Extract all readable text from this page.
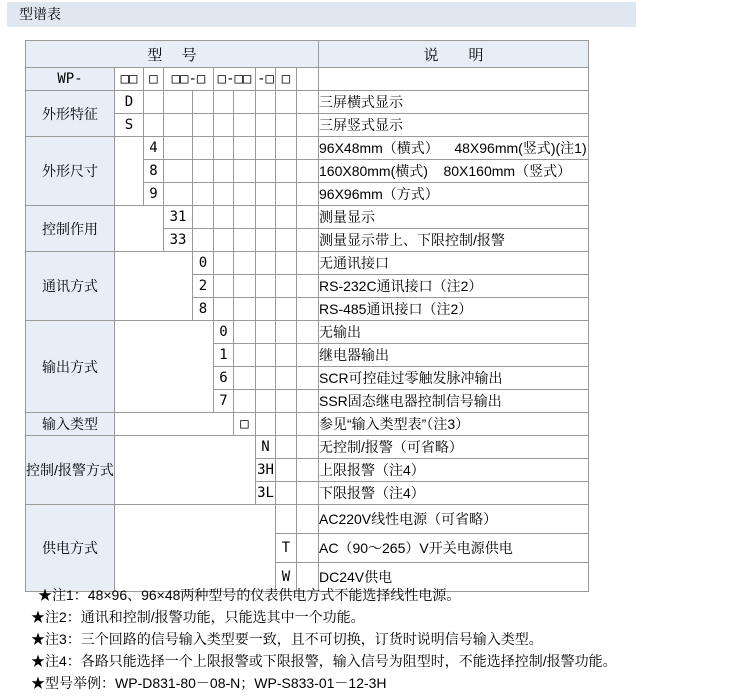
型谱表
型　 号										说　　明
WP-	□□	□	□□-□		□-□□		-□	□		
外形特征	D									三屏横式显示
	S									三屏竖式显示
外形尺寸		4								96X48mm（横式）    48X96mm(竖式)(注1)
		8								160X80mm(横式)    80X160mm（竖式）
		9								96X96mm（方式）
控制作用			31							测量显示
			33							测量显示带上、下限控制/报警
通讯方式				0						无通讯接口
				2						RS-232C通讯接口（注2）
				8						RS-485通讯接口（注2）
输出方式					0					无输出
					1					继电器输出
					6					SCR可控硅过零触发脉冲输出
					7					SSR固态继电器控制信号输出
输入类型						□				参见“输入类型表”（注3）
控制/报警方式							N			无控制/报警（可省略）
							3H			上限报警（注4）
							3L			下限报警（注4）
供电方式										AC220V线性电源（可省略）
								T		AC（90～265）V开关电源供电
								W		DC24V供电
★注1：48×96、96×48两种型号的仪表供电方式不能选择线性电源。
★注2：通讯和控制/报警功能，只能选其中一个功能。
★注3：三个回路的信号输入类型要一致，且不可切换，订货时说明信号输入类型。
★注4：各路只能选择一个上限报警或下限报警，输入信号为阻型时，不能选择控制/报警功能。
★型号举例：WP-D831-80－08-N；WP-S833-01－12-3H
